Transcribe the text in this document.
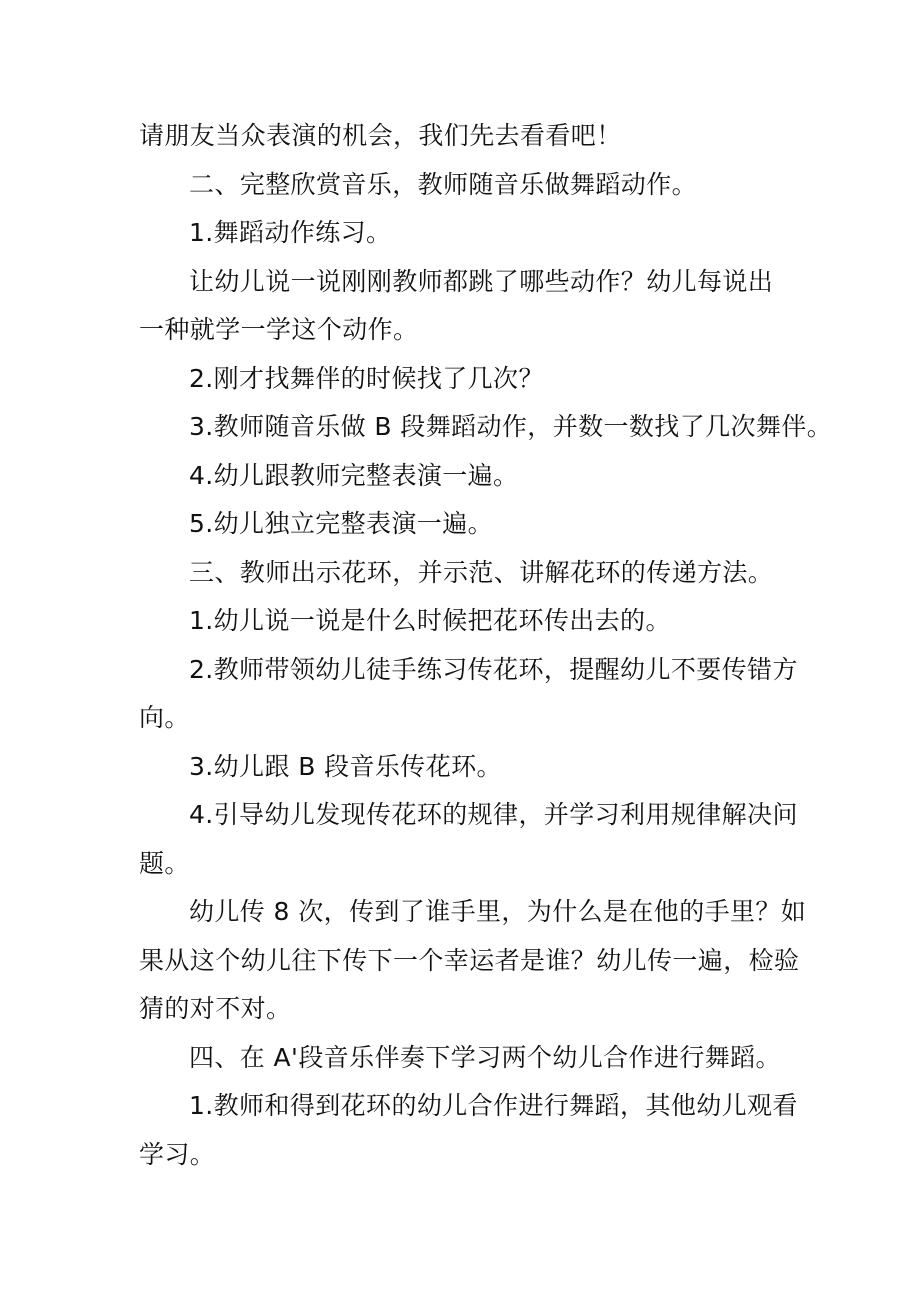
请朋友当众表演的机会，我们先去看看吧！
二、完整欣赏音乐，教师随音乐做舞蹈动作。
1.舞蹈动作练习。
让幼儿说一说刚刚教师都跳了哪些动作？幼儿每说出
一种就学一学这个动作。
2.刚才找舞伴的时候找了几次？
3.教师随音乐做 B 段舞蹈动作，并数一数找了几次舞伴。
4.幼儿跟教师完整表演一遍。
5.幼儿独立完整表演一遍。
三、教师出示花环，并示范、讲解花环的传递方法。
1.幼儿说一说是什么时候把花环传出去的。
2.教师带领幼儿徒手练习传花环，提醒幼儿不要传错方
向。
3.幼儿跟 B 段音乐传花环。
4.引导幼儿发现传花环的规律，并学习利用规律解决问
题。
幼儿传 8 次，传到了谁手里，为什么是在他的手里？如
果从这个幼儿往下传下一个幸运者是谁？幼儿传一遍，检验
猜的对不对。
四、在 A'段音乐伴奏下学习两个幼儿合作进行舞蹈。
1.教师和得到花环的幼儿合作进行舞蹈，其他幼儿观看
学习。
